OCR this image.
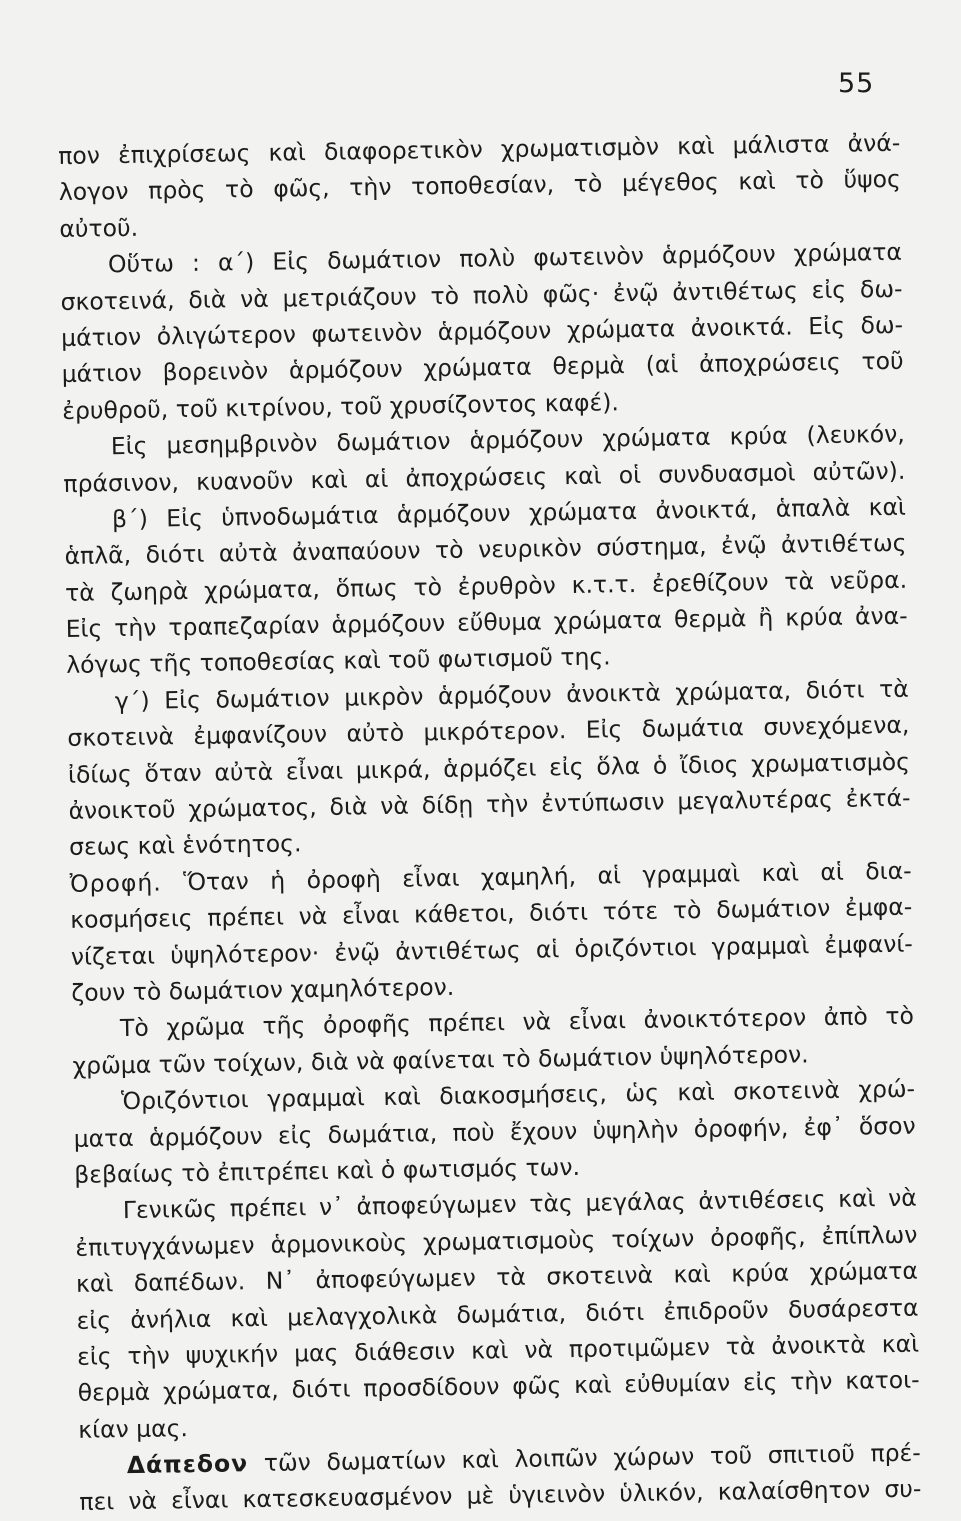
55
πον ἐπιχρίσεως καὶ διαφορετικὸν χρωματισμὸν καὶ μάλιστα ἀνά-
λογον πρὸς τὸ φῶς, τὴν τοποθεσίαν, τὸ μέγεθος καὶ τὸ ὕψος
αὐτοῦ.
Οὕτω : α΄) Εἰς δωμάτιον πολὺ φωτεινὸν ἁρμόζουν χρώματα
σκοτεινά, διὰ νὰ μετριάζουν τὸ πολὺ φῶς· ἐνῷ ἀντιθέτως εἰς δω-
μάτιον ὀλιγώτερον φωτεινὸν ἁρμόζουν χρώματα ἀνοικτά. Εἰς δω-
μάτιον βορεινὸν ἁρμόζουν χρώματα θερμὰ (αἱ ἀποχρώσεις τοῦ
ἐρυθροῦ, τοῦ κιτρίνου, τοῦ χρυσίζοντος καφέ).
Εἰς μεσημβρινὸν δωμάτιον ἁρμόζουν χρώματα κρύα (λευκόν,
πράσινον, κυανοῦν καὶ αἱ ἀποχρώσεις καὶ οἱ συνδυασμοὶ αὐτῶν).
β΄) Εἰς ὑπνοδωμάτια ἁρμόζουν χρώματα ἀνοικτά, ἁπαλὰ καὶ
ἁπλᾶ, διότι αὐτὰ ἀναπαύουν τὸ νευρικὸν σύστημα, ἐνῷ ἀντιθέτως
τὰ ζωηρὰ χρώματα, ὅπως τὸ ἐρυθρὸν κ.τ.τ. ἐρεθίζουν τὰ νεῦρα.
Εἰς τὴν τραπεζαρίαν ἁρμόζουν εὔθυμα χρώματα θερμὰ ἢ κρύα ἀνα-
λόγως τῆς τοποθεσίας καὶ τοῦ φωτισμοῦ της.
γ΄) Εἰς δωμάτιον μικρὸν ἁρμόζουν ἀνοικτὰ χρώματα, διότι τὰ
σκοτεινὰ ἐμφανίζουν αὐτὸ μικρότερον. Εἰς δωμάτια συνεχόμενα,
ἰδίως ὅταν αὐτὰ εἶναι μικρά, ἁρμόζει εἰς ὅλα ὁ ἴδιος χρωματισμὸς
ἀνοικτοῦ χρώματος, διὰ νὰ δίδῃ τὴν ἐντύπωσιν μεγαλυτέρας ἐκτά-
σεως καὶ ἑνότητος.
Ὀροφή. Ὅταν ἡ ὀροφὴ εἶναι χαμηλή, αἱ γραμμαὶ καὶ αἱ δια-
κοσμήσεις πρέπει νὰ εἶναι κάθετοι, διότι τότε τὸ δωμάτιον ἐμφα-
νίζεται ὑψηλότερον· ἐνῷ ἀντιθέτως αἱ ὁριζόντιοι γραμμαὶ ἐμφανί-
ζουν τὸ δωμάτιον χαμηλότερον.
Τὸ χρῶμα τῆς ὀροφῆς πρέπει νὰ εἶναι ἀνοικτότερον ἀπὸ τὸ
χρῶμα τῶν τοίχων, διὰ νὰ φαίνεται τὸ δωμάτιον ὑψηλότερον.
Ὁριζόντιοι γραμμαὶ καὶ διακοσμήσεις, ὡς καὶ σκοτεινὰ χρώ-
ματα ἁρμόζουν εἰς δωμάτια, ποὺ ἔχουν ὑψηλὴν ὀροφήν, ἐφ᾽ ὅσον
βεβαίως τὸ ἐπιτρέπει καὶ ὁ φωτισμός των.
Γενικῶς πρέπει ν᾽ ἀποφεύγωμεν τὰς μεγάλας ἀντιθέσεις καὶ νὰ
ἐπιτυγχάνωμεν ἁρμονικοὺς χρωματισμοὺς τοίχων ὀροφῆς, ἐπίπλων
καὶ δαπέδων. Ν᾽ ἀποφεύγωμεν τὰ σκοτεινὰ καὶ κρύα χρώματα
εἰς ἀνήλια καὶ μελαγχολικὰ δωμάτια, διότι ἐπιδροῦν δυσάρεστα
εἰς τὴν ψυχικήν μας διάθεσιν καὶ νὰ προτιμῶμεν τὰ ἀνοικτὰ καὶ
θερμὰ χρώματα, διότι προσδίδουν φῶς καὶ εὐθυμίαν εἰς τὴν κατοι-
κίαν μας.
Δάπεδον τῶν δωματίων καὶ λοιπῶν χώρων τοῦ σπιτιοῦ πρέ-
πει νὰ εἶναι κατεσκευασμένον μὲ ὑγιεινὸν ὑλικόν, καλαίσθητον συ-
